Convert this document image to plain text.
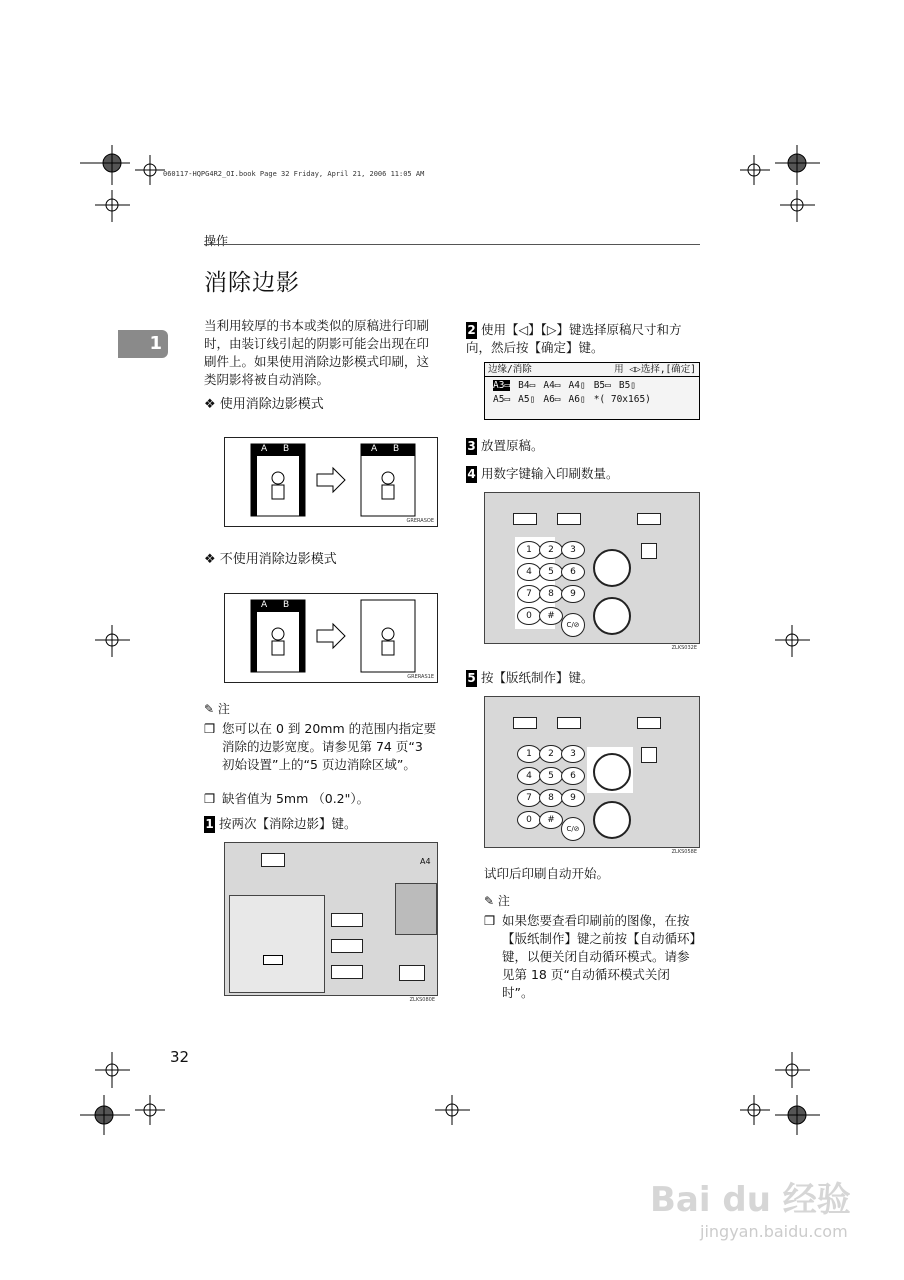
060117-HQPG4R2_OI.book Page 32 Friday, April 21, 2006 11:05 AM
操作
1
消除边影
当利用较厚的书本或类似的原稿进行印刷时，由装订线引起的阴影可能会出现在印刷件上。如果使用消除边影模式印刷，这类阴影将被自动消除。
❖ 使用消除边影模式
A B	A B
GRERASOE
❖ 不使用消除边影模式
A B
GRERAS1E
✎ 注
❒ 您可以在 0 到 20mm 的范围内指定要消除的边影宽度。请参见第 74 页“3 初始设置”上的“5 页边消除区域”。
❒ 缺省值为 5mm （0.2"）。
1 按两次【消除边影】键。
A4
ZLKS080E
2 使用【◁】【▷】键选择原稿尺寸和方向，然后按【确定】键。
边缘/消除	用 ◁▷选择,[确定]
A3▭ B4▭ A4▭ A4▯ B5▭ B5▯
A5▭ A5▯ A6▭ A6▯ *( 70x165)
3 放置原稿。
4 用数字键输入印刷数量。
1	2	3
4	5	6
7	8	9
0	#
C/⊘
ZLKS032E
5 按【版纸制作】键。
1	2	3
4	5	6
7	8	9
0	#
C/⊘
ZLKS058E
试印后印刷自动开始。
✎ 注
❒ 如果您要查看印刷前的图像，在按【版纸制作】键之前按【自动循环】键，以便关闭自动循环模式。请参见第 18 页“自动循环模式关闭时”。
32
Bai du 经验
jingyan.baidu.com
